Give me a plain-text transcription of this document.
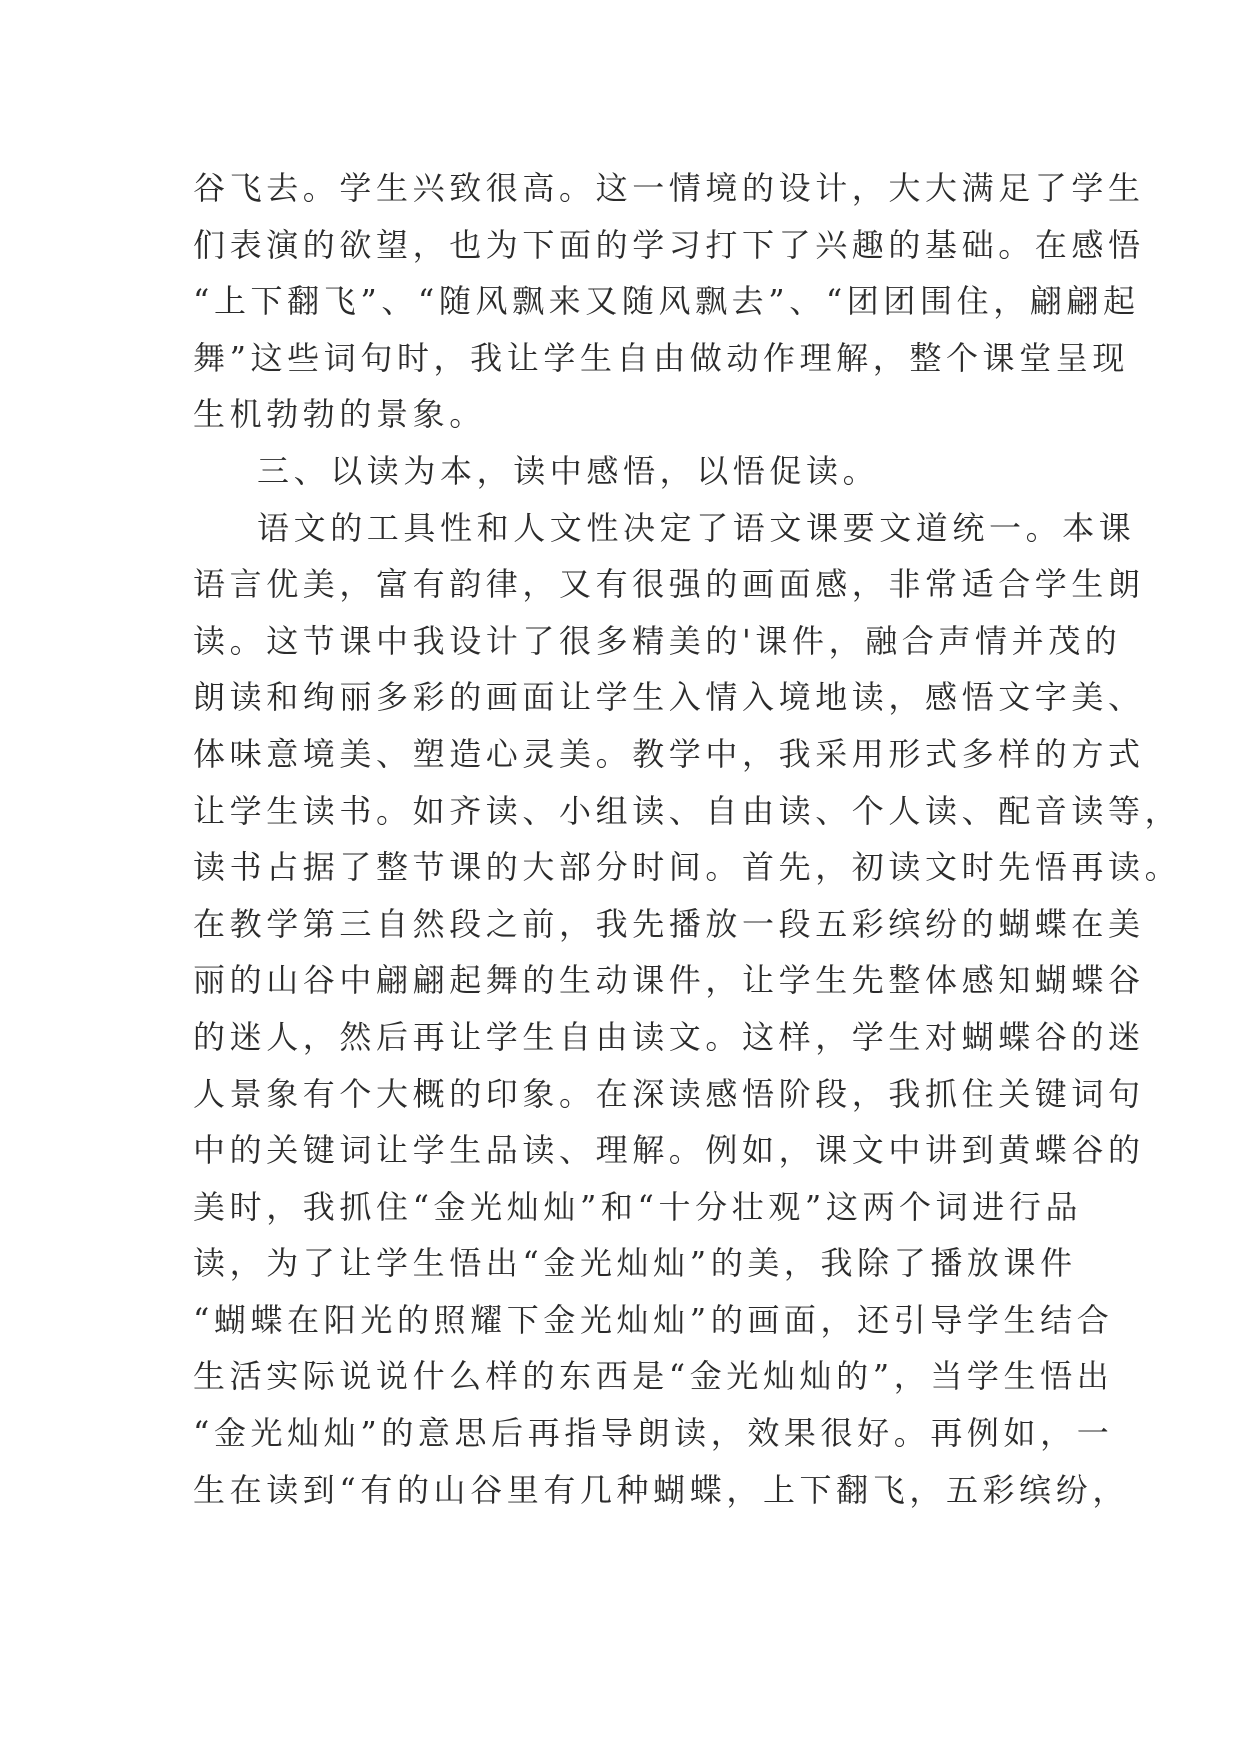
谷飞去。学生兴致很高。这一情境的设计，大大满足了学生
们表演的欲望，也为下面的学习打下了兴趣的基础。在感悟
“上下翻飞”、“随风飘来又随风飘去”、“团团围住，翩翩起
舞”这些词句时，我让学生自由做动作理解，整个课堂呈现
生机勃勃的景象。
三、以读为本，读中感悟，以悟促读。
语文的工具性和人文性决定了语文课要文道统一。本课
语言优美，富有韵律，又有很强的画面感，非常适合学生朗
读。这节课中我设计了很多精美的'课件，融合声情并茂的
朗读和绚丽多彩的画面让学生入情入境地读，感悟文字美、
体味意境美、塑造心灵美。教学中，我采用形式多样的方式
让学生读书。如齐读、小组读、自由读、个人读、配音读等，
读书占据了整节课的大部分时间。首先，初读文时先悟再读。
在教学第三自然段之前，我先播放一段五彩缤纷的蝴蝶在美
丽的山谷中翩翩起舞的生动课件，让学生先整体感知蝴蝶谷
的迷人，然后再让学生自由读文。这样，学生对蝴蝶谷的迷
人景象有个大概的印象。在深读感悟阶段，我抓住关键词句
中的关键词让学生品读、理解。例如，课文中讲到黄蝶谷的
美时，我抓住“金光灿灿”和“十分壮观”这两个词进行品
读，为了让学生悟出“金光灿灿”的美，我除了播放课件
“蝴蝶在阳光的照耀下金光灿灿”的画面，还引导学生结合
生活实际说说什么样的东西是“金光灿灿的”，当学生悟出
“金光灿灿”的意思后再指导朗读，效果很好。再例如，一
生在读到“有的山谷里有几种蝴蝶，上下翻飞，五彩缤纷，
